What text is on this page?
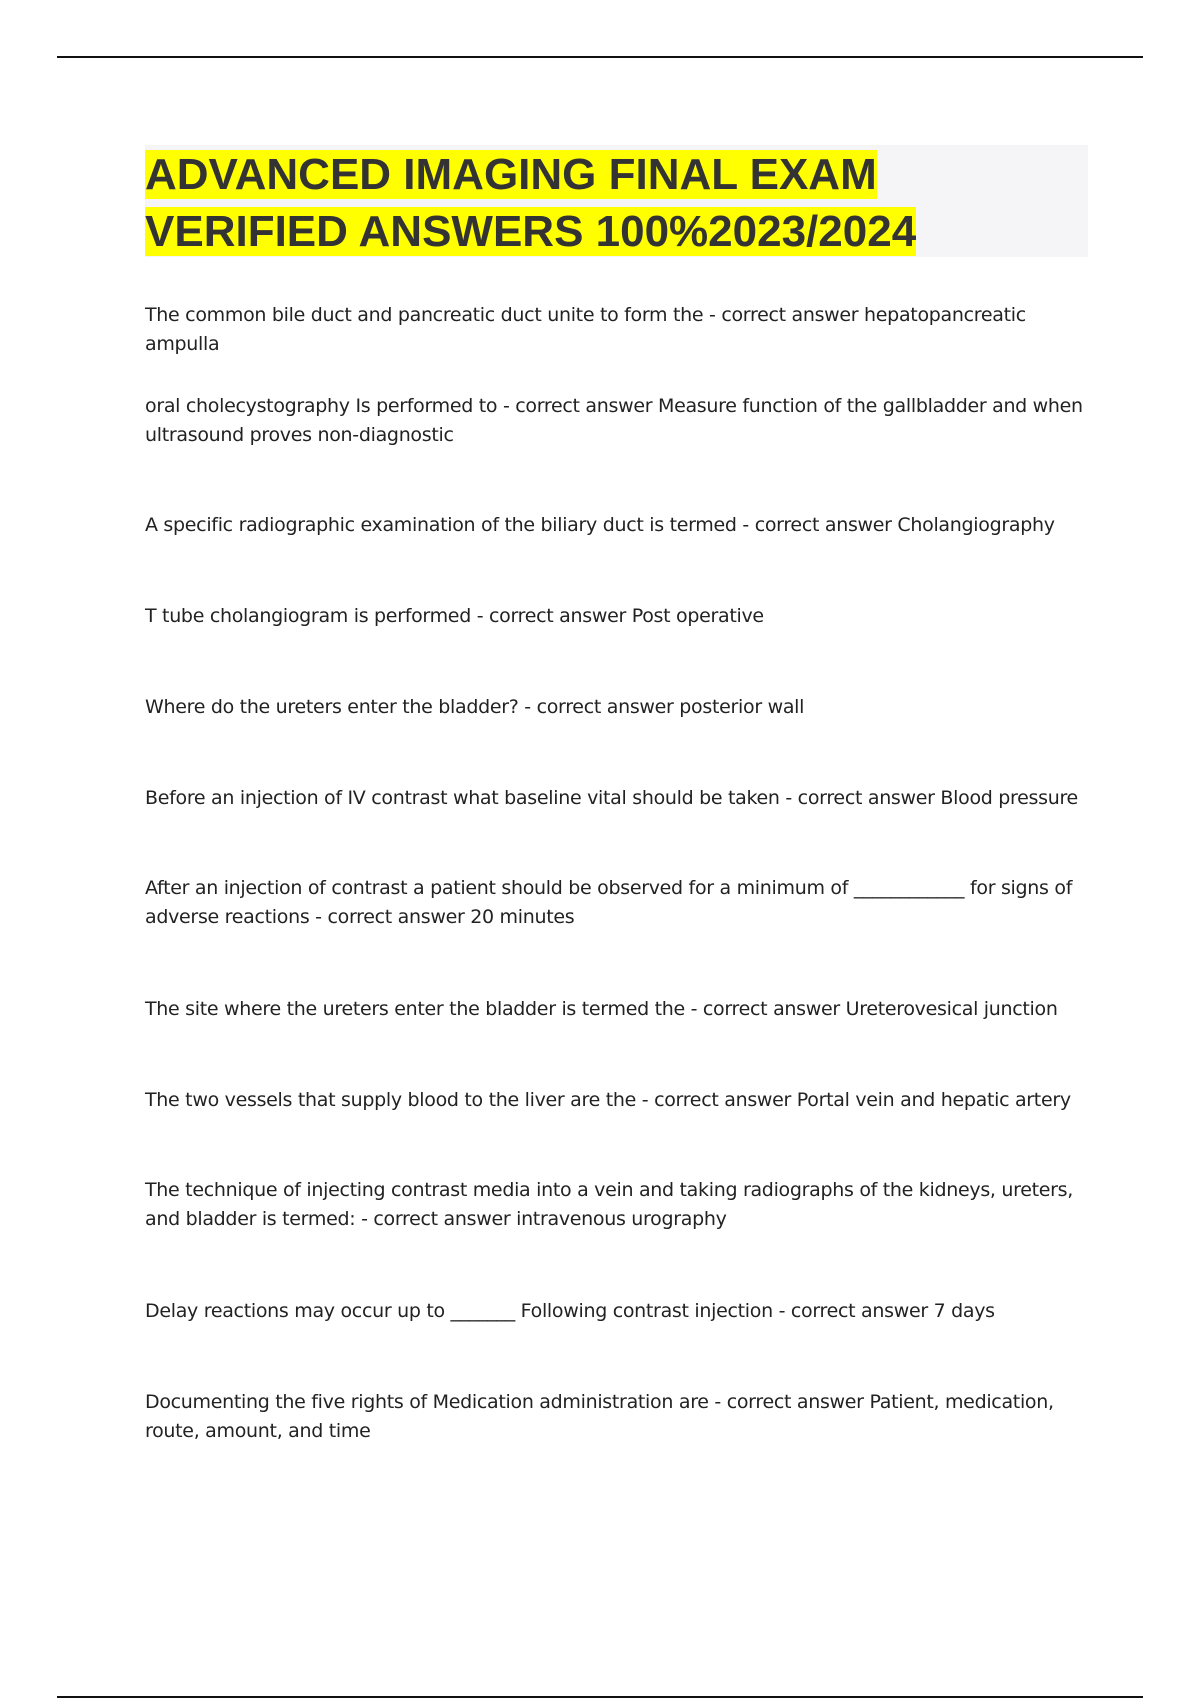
ADVANCED IMAGING FINAL EXAM
VERIFIED ANSWERS 100%2023/2024

The common bile duct and pancreatic duct unite to form the - correct answer hepatopancreatic ampulla

oral cholecystography Is performed to - correct answer Measure function of the gallbladder and when ultrasound proves non-diagnostic

A specific radiographic examination of the biliary duct is termed - correct answer Cholangiography

T tube cholangiogram is performed - correct answer Post operative

Where do the ureters enter the bladder? - correct answer posterior wall

Before an injection of IV contrast what baseline vital should be taken - correct answer Blood pressure

After an injection of contrast a patient should be observed for a minimum of ____________ for signs of adverse reactions - correct answer 20 minutes

The site where the ureters enter the bladder is termed the - correct answer Ureterovesical junction

The two vessels that supply blood to the liver are the - correct answer Portal vein and hepatic artery

The technique of injecting contrast media into a vein and taking radiographs of the kidneys, ureters, and bladder is termed: - correct answer intravenous urography

Delay reactions may occur up to _______ Following contrast injection - correct answer 7 days

Documenting the five rights of Medication administration are - correct answer Patient, medication, route, amount, and time
